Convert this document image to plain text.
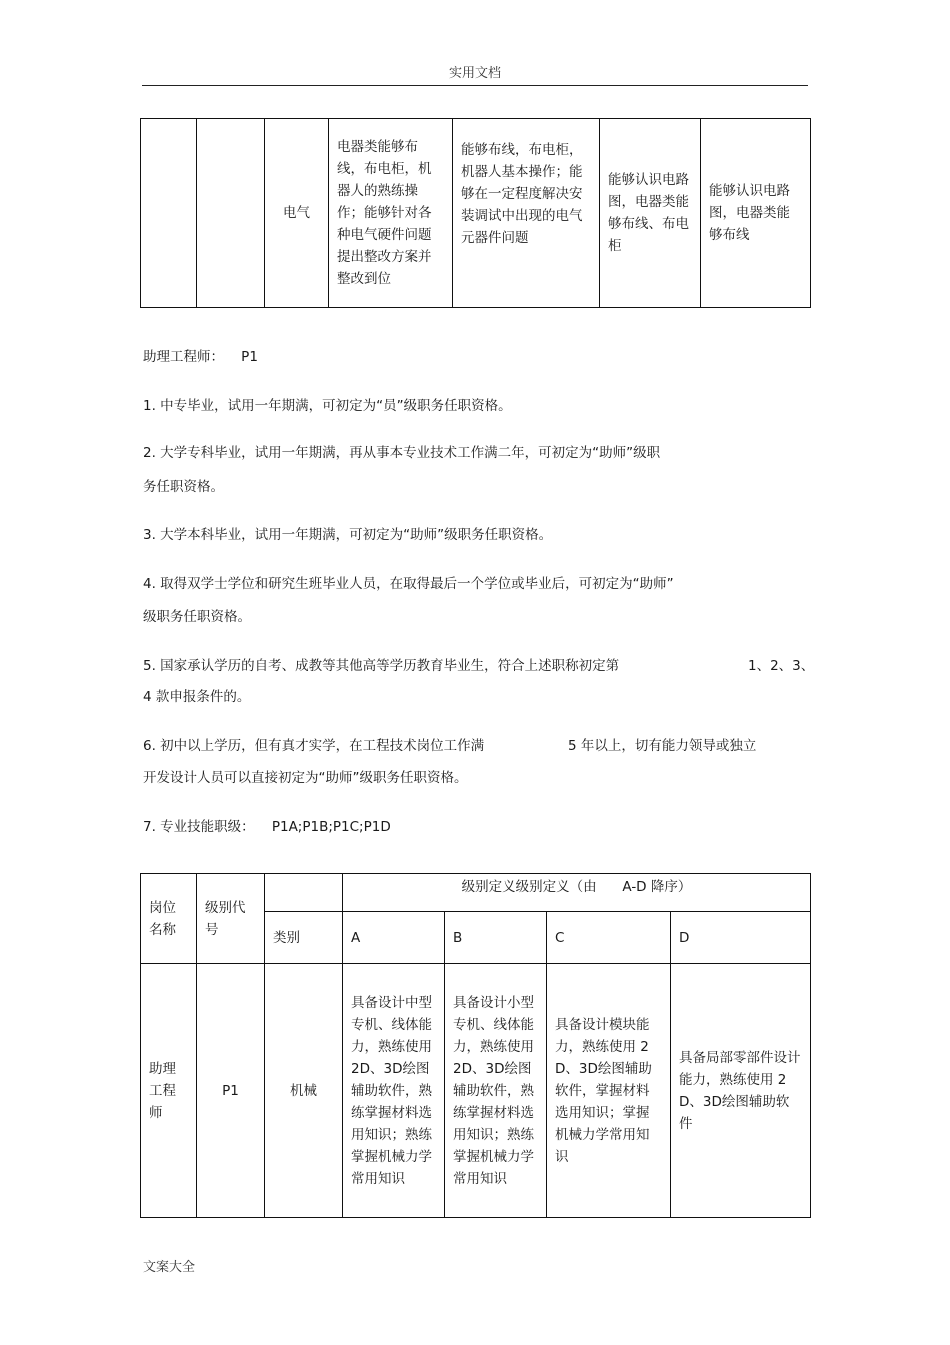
实用文档
		电气	电器类能够布线，布电柜，机器人的熟练操作；能够针对各种电气硬件问题提出整改方案并整改到位	能够布线，布电柜，机器人基本操作；能够在一定程度解决安装调试中出现的电气元器件问题	能够认识电路图，电器类能够布线、布电柜	能够认识电路图，电器类能够布线
助理工程师： P1
1. 中专毕业，试用一年期满，可初定为“员”级职务任职资格。
2. 大学专科毕业，试用一年期满，再从事本专业技术工作满二年，可初定为“助师”级职
务任职资格。
3. 大学本科毕业，试用一年期满，可初定为“助师”级职务任职资格。
4. 取得双学士学位和研究生班毕业人员，在取得最后一个学位或毕业后，可初定为“助师”
级职务任职资格。
5. 国家承认学历的自考、成教等其他高等学历教育毕业生，符合上述职称初定第	1、2、3、
4 款申报条件的。
6. 初中以上学历，但有真才实学，在工程技术岗位工作满	5 年以上，切有能力领导或独立
开发设计人员可以直接初定为“助师”级职务任职资格。
7. 专业技能职级： P1A;P1B;P1C;P1D
岗位名称	级别代号		级别定义级别定义（由 A-D 降序）			
		类别	A	B	C	D
助理工程师	P1	机械	具备设计中型专机、线体能力，熟练使用 2D、3D绘图辅助软件，熟练掌握材料选用知识；熟练掌握机械力学常用知识	具备设计小型专机、线体能力，熟练使用 2D、3D绘图辅助软件，熟练掌握材料选用知识；熟练掌握机械力学常用知识	具备设计模块能力，熟练使用 2D、3D绘图辅助软件，掌握材料选用知识；掌握机械力学常用知识	具备局部零部件设计能力，熟练使用 2D、3D绘图辅助软件
文案大全
